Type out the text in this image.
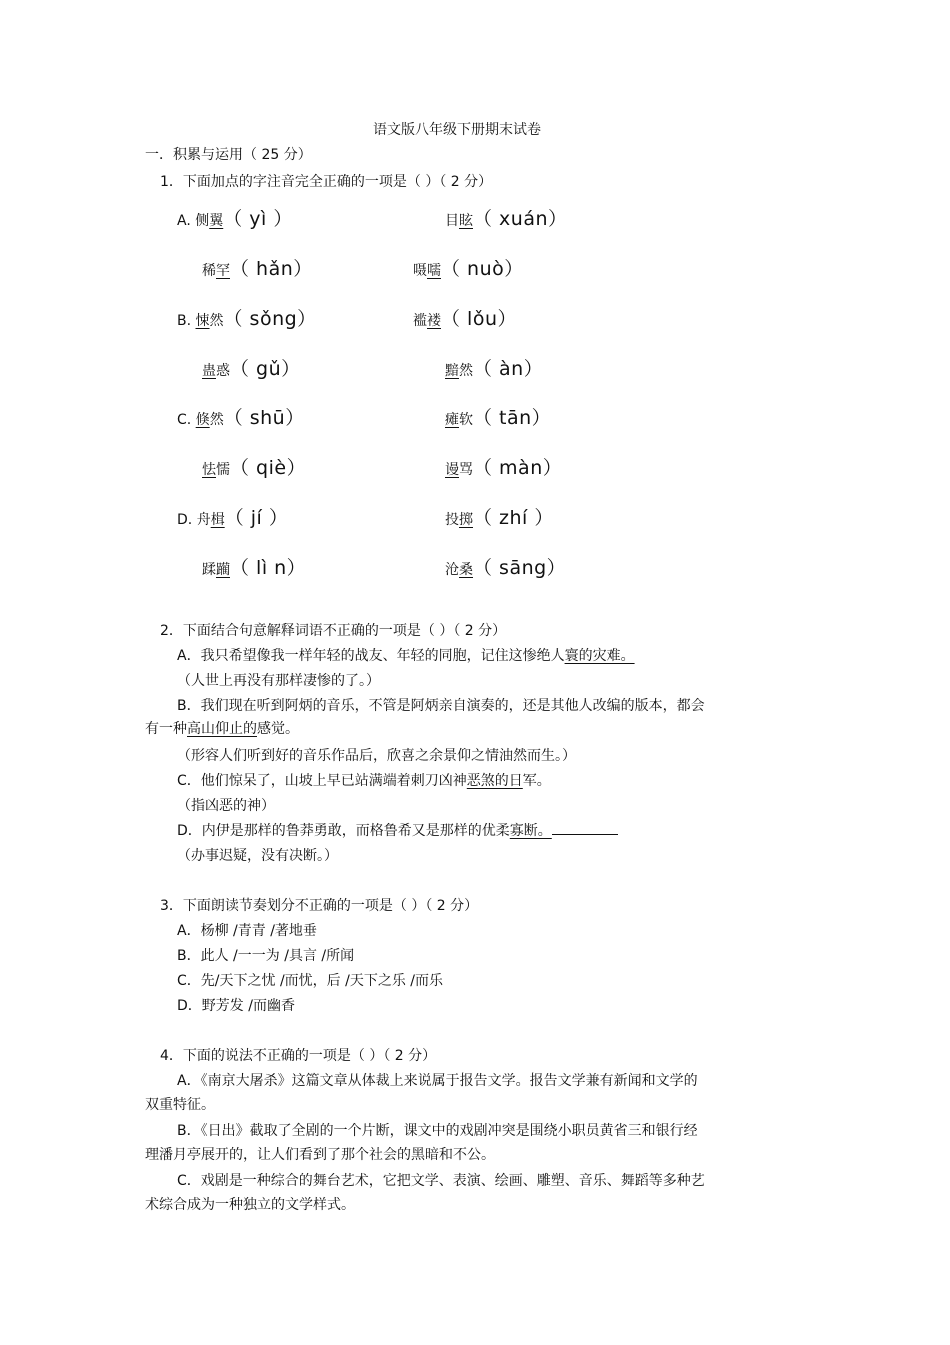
语文版八年级下册期末试卷
一．积累与运用（ 25 分）
1．下面加点的字注音完全正确的一项是（ ）（ 2 分）
A. 侧翼（ yì ）	目眩（ xuán）
稀罕（ hǎn）	嗫嚅（ nuò）
B. 悚然（ sǒng）	褴褛（ lǒu）
蛊惑（ gǔ）	黯然（ àn）
C. 倏然（ shū）	瘫软（ tān）
怯懦（ qiè）	谩骂（ màn）
D. 舟楫（ jí ）	投掷（ zhí ）
蹂躏（ lì n）	沧桑（ sāng）
2．下面结合句意解释词语不正确的一项是（ ）（ 2 分）
A．我只希望像我一样年轻的战友、年轻的同胞，记住这惨绝人寰的灾难。
（人世上再没有那样凄惨的了。）
B．我们现在听到阿炳的音乐，不管是阿炳亲自演奏的，还是其他人改编的版本，都会
有一种高山仰止的感觉。
（形容人们听到好的音乐作品后，欣喜之余景仰之情油然而生。）
C．他们惊呆了，山坡上早已站满端着刺刀凶神恶煞的日军。
（指凶恶的神）
D．内伊是那样的鲁莽勇敢，而格鲁希又是那样的优柔寡断。
（办事迟疑，没有决断。）
3．下面朗读节奏划分不正确的一项是（ ）（ 2 分）
A．杨柳 /青青 /著地垂
B．此人 /一一为 /具言 /所闻
C．先/天下之忧 /而忧，后 /天下之乐 /而乐
D．野芳发 /而幽香
4．下面的说法不正确的一项是（ ）（ 2 分）
A．《南京大屠杀》这篇文章从体裁上来说属于报告文学。报告文学兼有新闻和文学的
双重特征。
B．《日出》截取了全剧的一个片断，课文中的戏剧冲突是围绕小职员黄省三和银行经
理潘月亭展开的，让人们看到了那个社会的黑暗和不公。
C．戏剧是一种综合的舞台艺术，它把文学、表演、绘画、雕塑、音乐、舞蹈等多种艺
术综合成为一种独立的文学样式。
